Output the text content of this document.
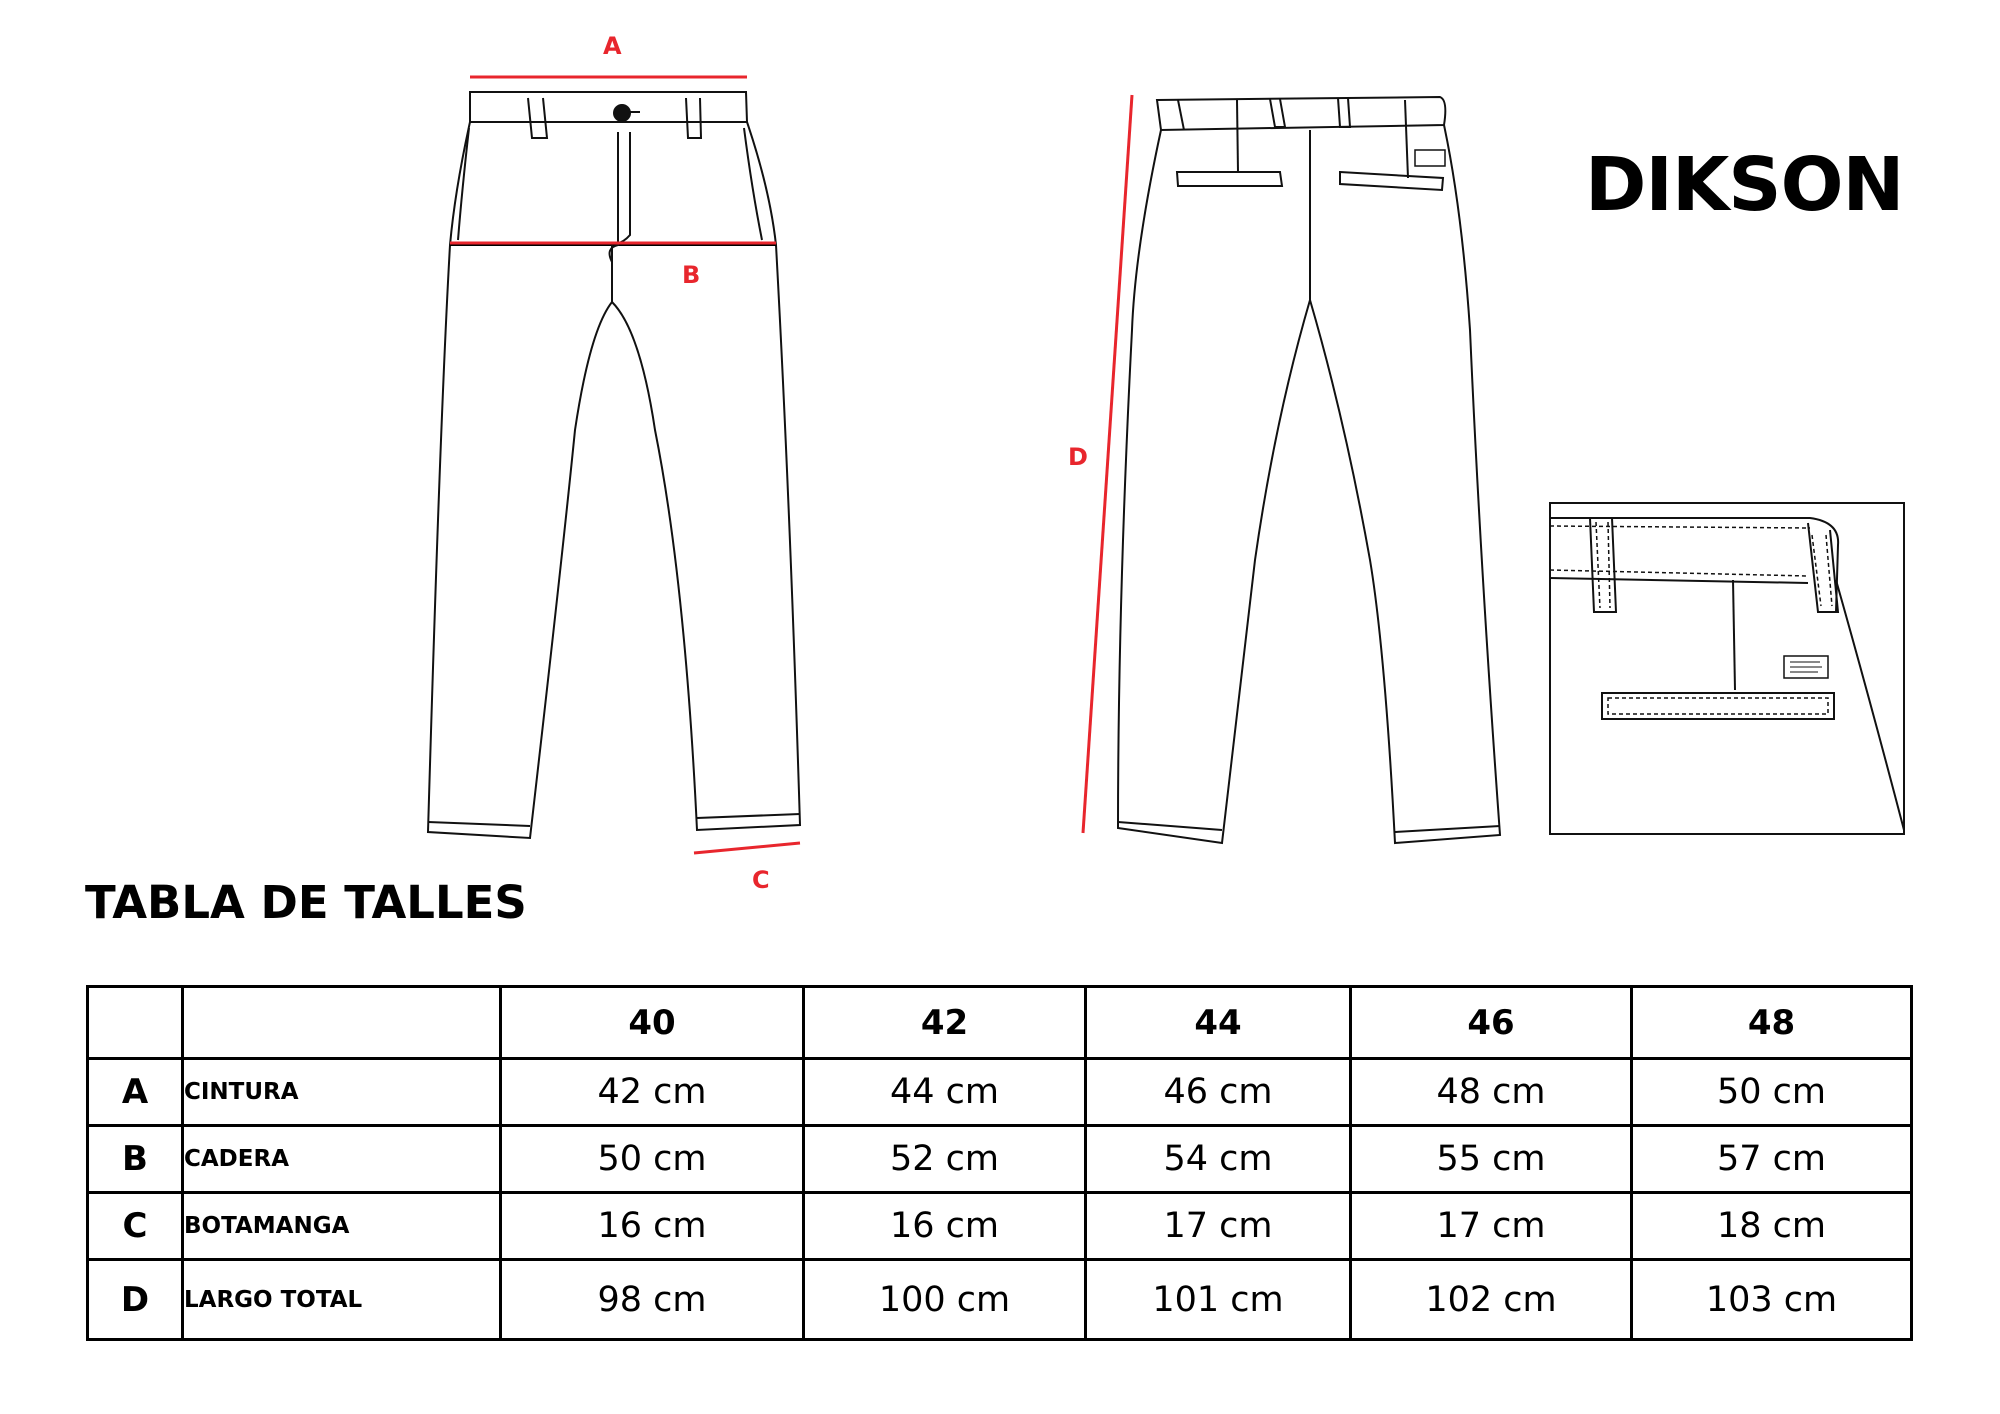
A
B
C
D
DIKSON
TABLA DE TALLES
		40	42	44	46	48
A	CINTURA	42 cm	44 cm	46 cm	48 cm	50 cm
B	CADERA	50 cm	52 cm	54 cm	55 cm	57 cm
C	BOTAMANGA	16 cm	16 cm	17 cm	17 cm	18 cm
D	LARGO TOTAL	98 cm	100 cm	101 cm	102 cm	103 cm
